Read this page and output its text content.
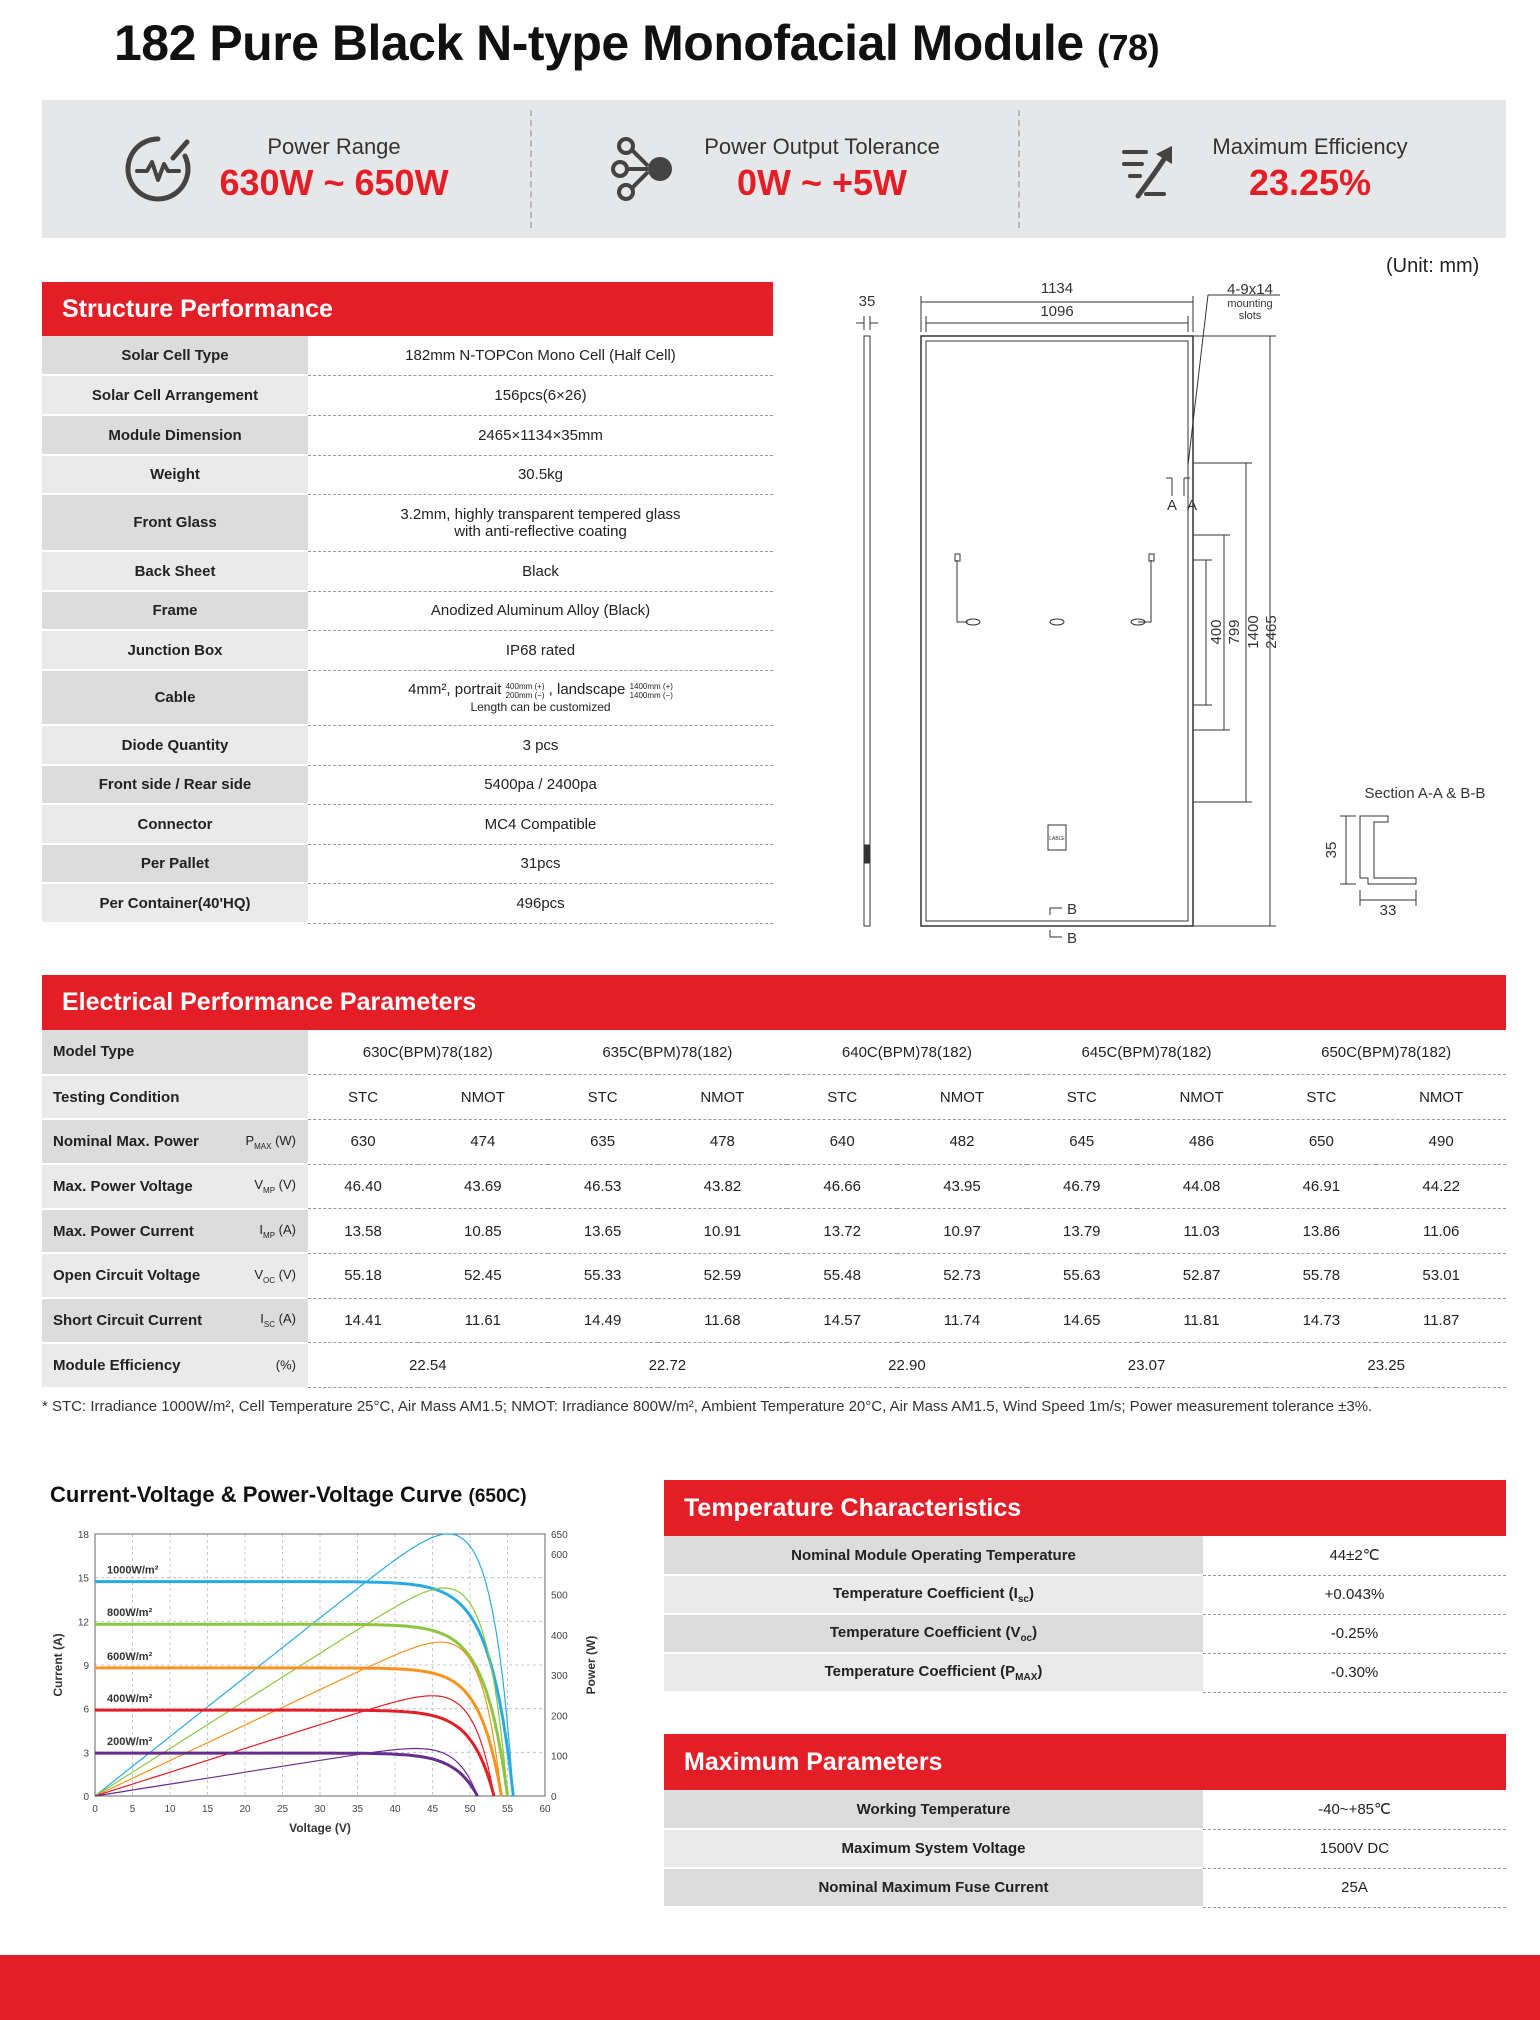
182 Pure Black N-type Monofacial Module (78)
Power Range
630W ~ 650W
Power Output Tolerance
0W ~ +5W
Maximum Efficiency
23.25%
(Unit: mm)
Structure Performance
Solar Cell Type	182mm N-TOPCon Mono Cell (Half Cell)
Solar Cell Arrangement	156pcs(6×26)
Module Dimension	2465×1134×35mm
Weight	30.5kg
Front Glass	3.2mm, highly transparent tempered glass
with anti-reflective coating

Back Sheet	Black
Frame	Anodized Aluminum Alloy (Black)
Junction Box	IP68 rated
Cable	4mm², portrait 400mm (+)
200mm (−) , landscape 1400mm (+)
1400mm (−)
Length can be customized

Diode Quantity	3 pcs
Front side / Rear side	5400pa / 2400pa
Connector	MC4 Compatible
Per Pallet	31pcs
Per Container(40'HQ)	496pcs
35
1134
1096
4-9x14
mounting
slots
A A
B
B
LABLE
Section A-A & B-B
33
400 799 1400 2465
35
Electrical Performance Parameters
Model Type	630C(BPM)78(182)		635C(BPM)78(182)		640C(BPM)78(182)		645C(BPM)78(182)		650C(BPM)78(182)	
Testing Condition	STC	NMOT	STC	NMOT	STC	NMOT	STC	NMOT	STC	NMOT
Nominal Max. Power $P_{MAX}$ (W)	630	474	635	478	640	482	645	486	650	490
Max. Power Voltage $V_{MP}$ (V)	46.40	43.69	46.53	43.82	46.66	43.95	46.79	44.08	46.91	44.22
Max. Power Current $I_{MP}$ (A)	13.58	10.85	13.65	10.91	13.72	10.97	13.79	11.03	13.86	11.06
Open Circuit Voltage $V_{OC}$ (V)	55.18	52.45	55.33	52.59	55.48	52.73	55.63	52.87	55.78	53.01
Short Circuit Current $I_{SC}$ (A)	14.41	11.61	14.49	11.68	14.57	11.74	14.65	11.81	14.73	11.87
Module Efficiency (%)	22.54		22.72		22.90		23.07		23.25	
* STC: Irradiance 1000W/m², Cell Temperature 25°C, Air Mass AM1.5; NMOT: Irradiance 800W/m², Ambient Temperature 20°C, Air Mass AM1.5, Wind Speed 1m/s; Power measurement tolerance ±3%.
Current-Voltage & Power-Voltage Curve (650C)
0	5	10	15	20	25	30	35	40	45	50	55	60
0
3
6
9
12
15
18
0
100
200
300
400
500
600
650
Voltage (V)
Current (A)	Power (W)
1000W/m²
800W/m²
600W/m²
400W/m²
200W/m²
Temperature Characteristics
Nominal Module Operating Temperature	44±2℃
Temperature Coefficient $(I_{sc})$	+0.043%
Temperature Coefficient $(V_{oc})$	-0.25%
Temperature Coefficient $(P_{MAX})$	-0.30%
Maximum Parameters
Working Temperature	-40~+85℃
Maximum System Voltage	1500V DC
Nominal Maximum Fuse Current	25A
